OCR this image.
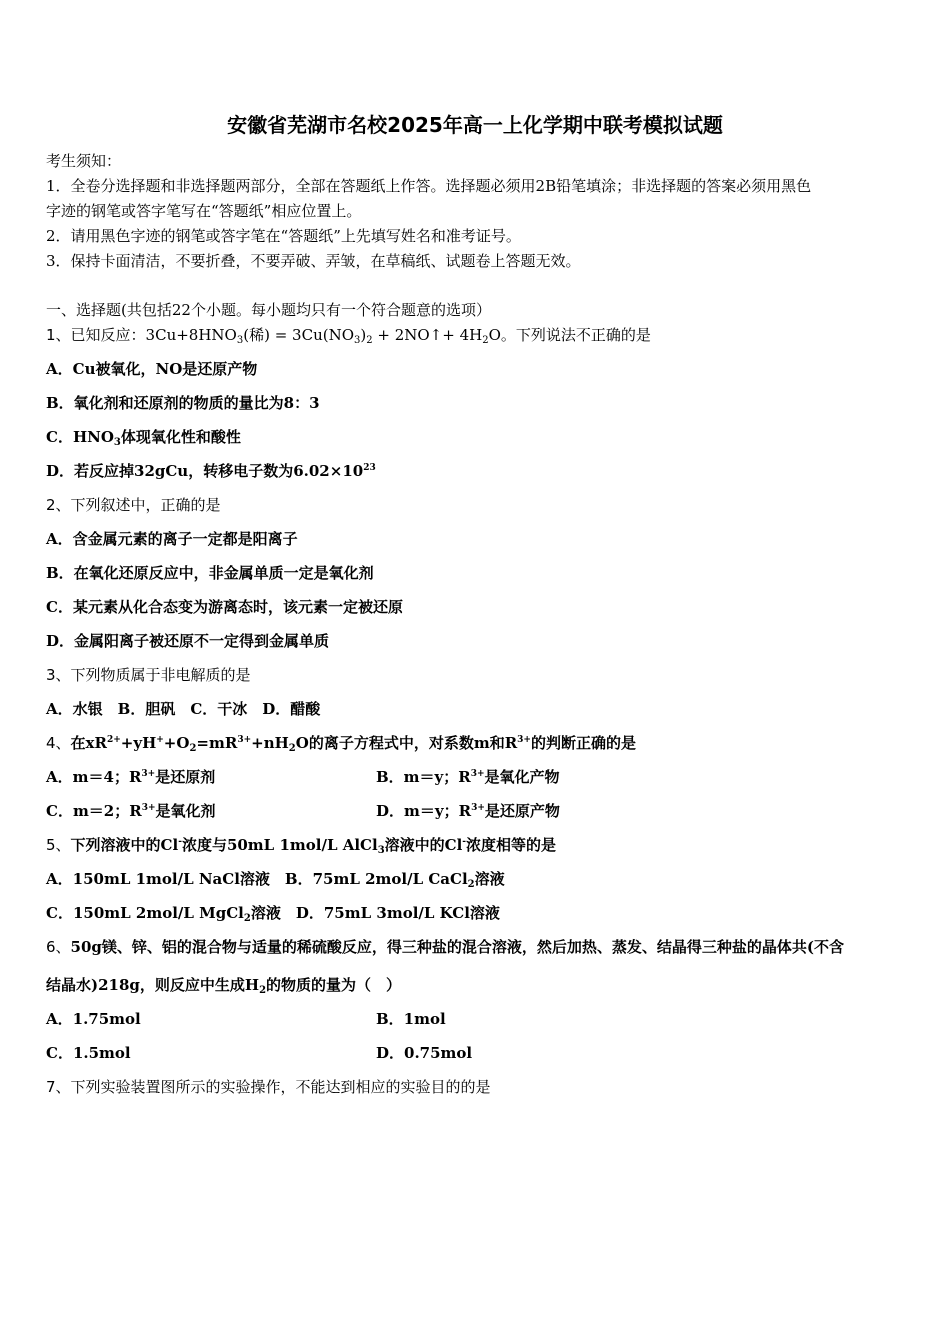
安徽省芜湖市名校2025年高一上化学期中联考模拟试题
考生须知：
1．全卷分选择题和非选择题两部分，全部在答题纸上作答。选择题必须用2B铅笔填涂；非选择题的答案必须用黑色
字迹的钢笔或答字笔写在“答题纸”相应位置上。
2．请用黑色字迹的钢笔或答字笔在“答题纸”上先填写姓名和准考证号。
3．保持卡面清洁，不要折叠，不要弄破、弄皱，在草稿纸、试题卷上答题无效。
一、选择题(共包括22个小题。每小题均只有一个符合题意的选项）
1、已知反应：$3Cu+8HNO_3$(稀) = $3Cu(NO_3)_2$ + 2NO↑+ $4H_2O$。下列说法不正确的是
A．Cu被氧化，NO是还原产物
B．氧化剂和还原剂的物质的量比为8：3
C．$HNO_3$体现氧化性和酸性
D．若反应掉32gCu，转移电子数为$6.02\times 10^{23}$
2、下列叙述中，正确的是
A．含金属元素的离子一定都是阳离子
B．在氧化还原反应中，非金属单质一定是氧化剂
C．某元素从化合态变为游离态时，该元素一定被还原
D．金属阳离子被还原不一定得到金属单质
3、下列物质属于非电解质的是
A．水银　B．胆矾　C．干冰　D．醋酸
4、在$xR^{2+}+yH^++O_2=mR^{3+}+nH_2O$的离子方程式中，对系数m和$R^{3+}$的判断正确的是
A．m＝4；$R^{3+}$是还原剂	B．m＝y；$R^{3+}$是氧化产物
C．m＝2；$R^{3+}$是氧化剂	D．m＝y；$R^{3+}$是还原产物
5、下列溶液中的Cl-浓度与50mL 1mol/L AlCl$_3$溶液中的Cl-浓度相等的是
A．150mL 1mol/L NaCl溶液　B．75mL 2mol/L CaCl$_2$溶液
C．150mL 2mol/L MgCl$_2$溶液　D．75mL 3mol/L KCl溶液
6、50g镁、锌、铝的混合物与适量的稀硫酸反应，得三种盐的混合溶液，然后加热、蒸发、结晶得三种盐的晶体共(不含
结晶水)218g，则反应中生成$H_2$的物质的量为（　）
A．1.75mol	B．1mol
C．1.5mol	D．0.75mol
7、下列实验装置图所示的实验操作，不能达到相应的实验目的的是
